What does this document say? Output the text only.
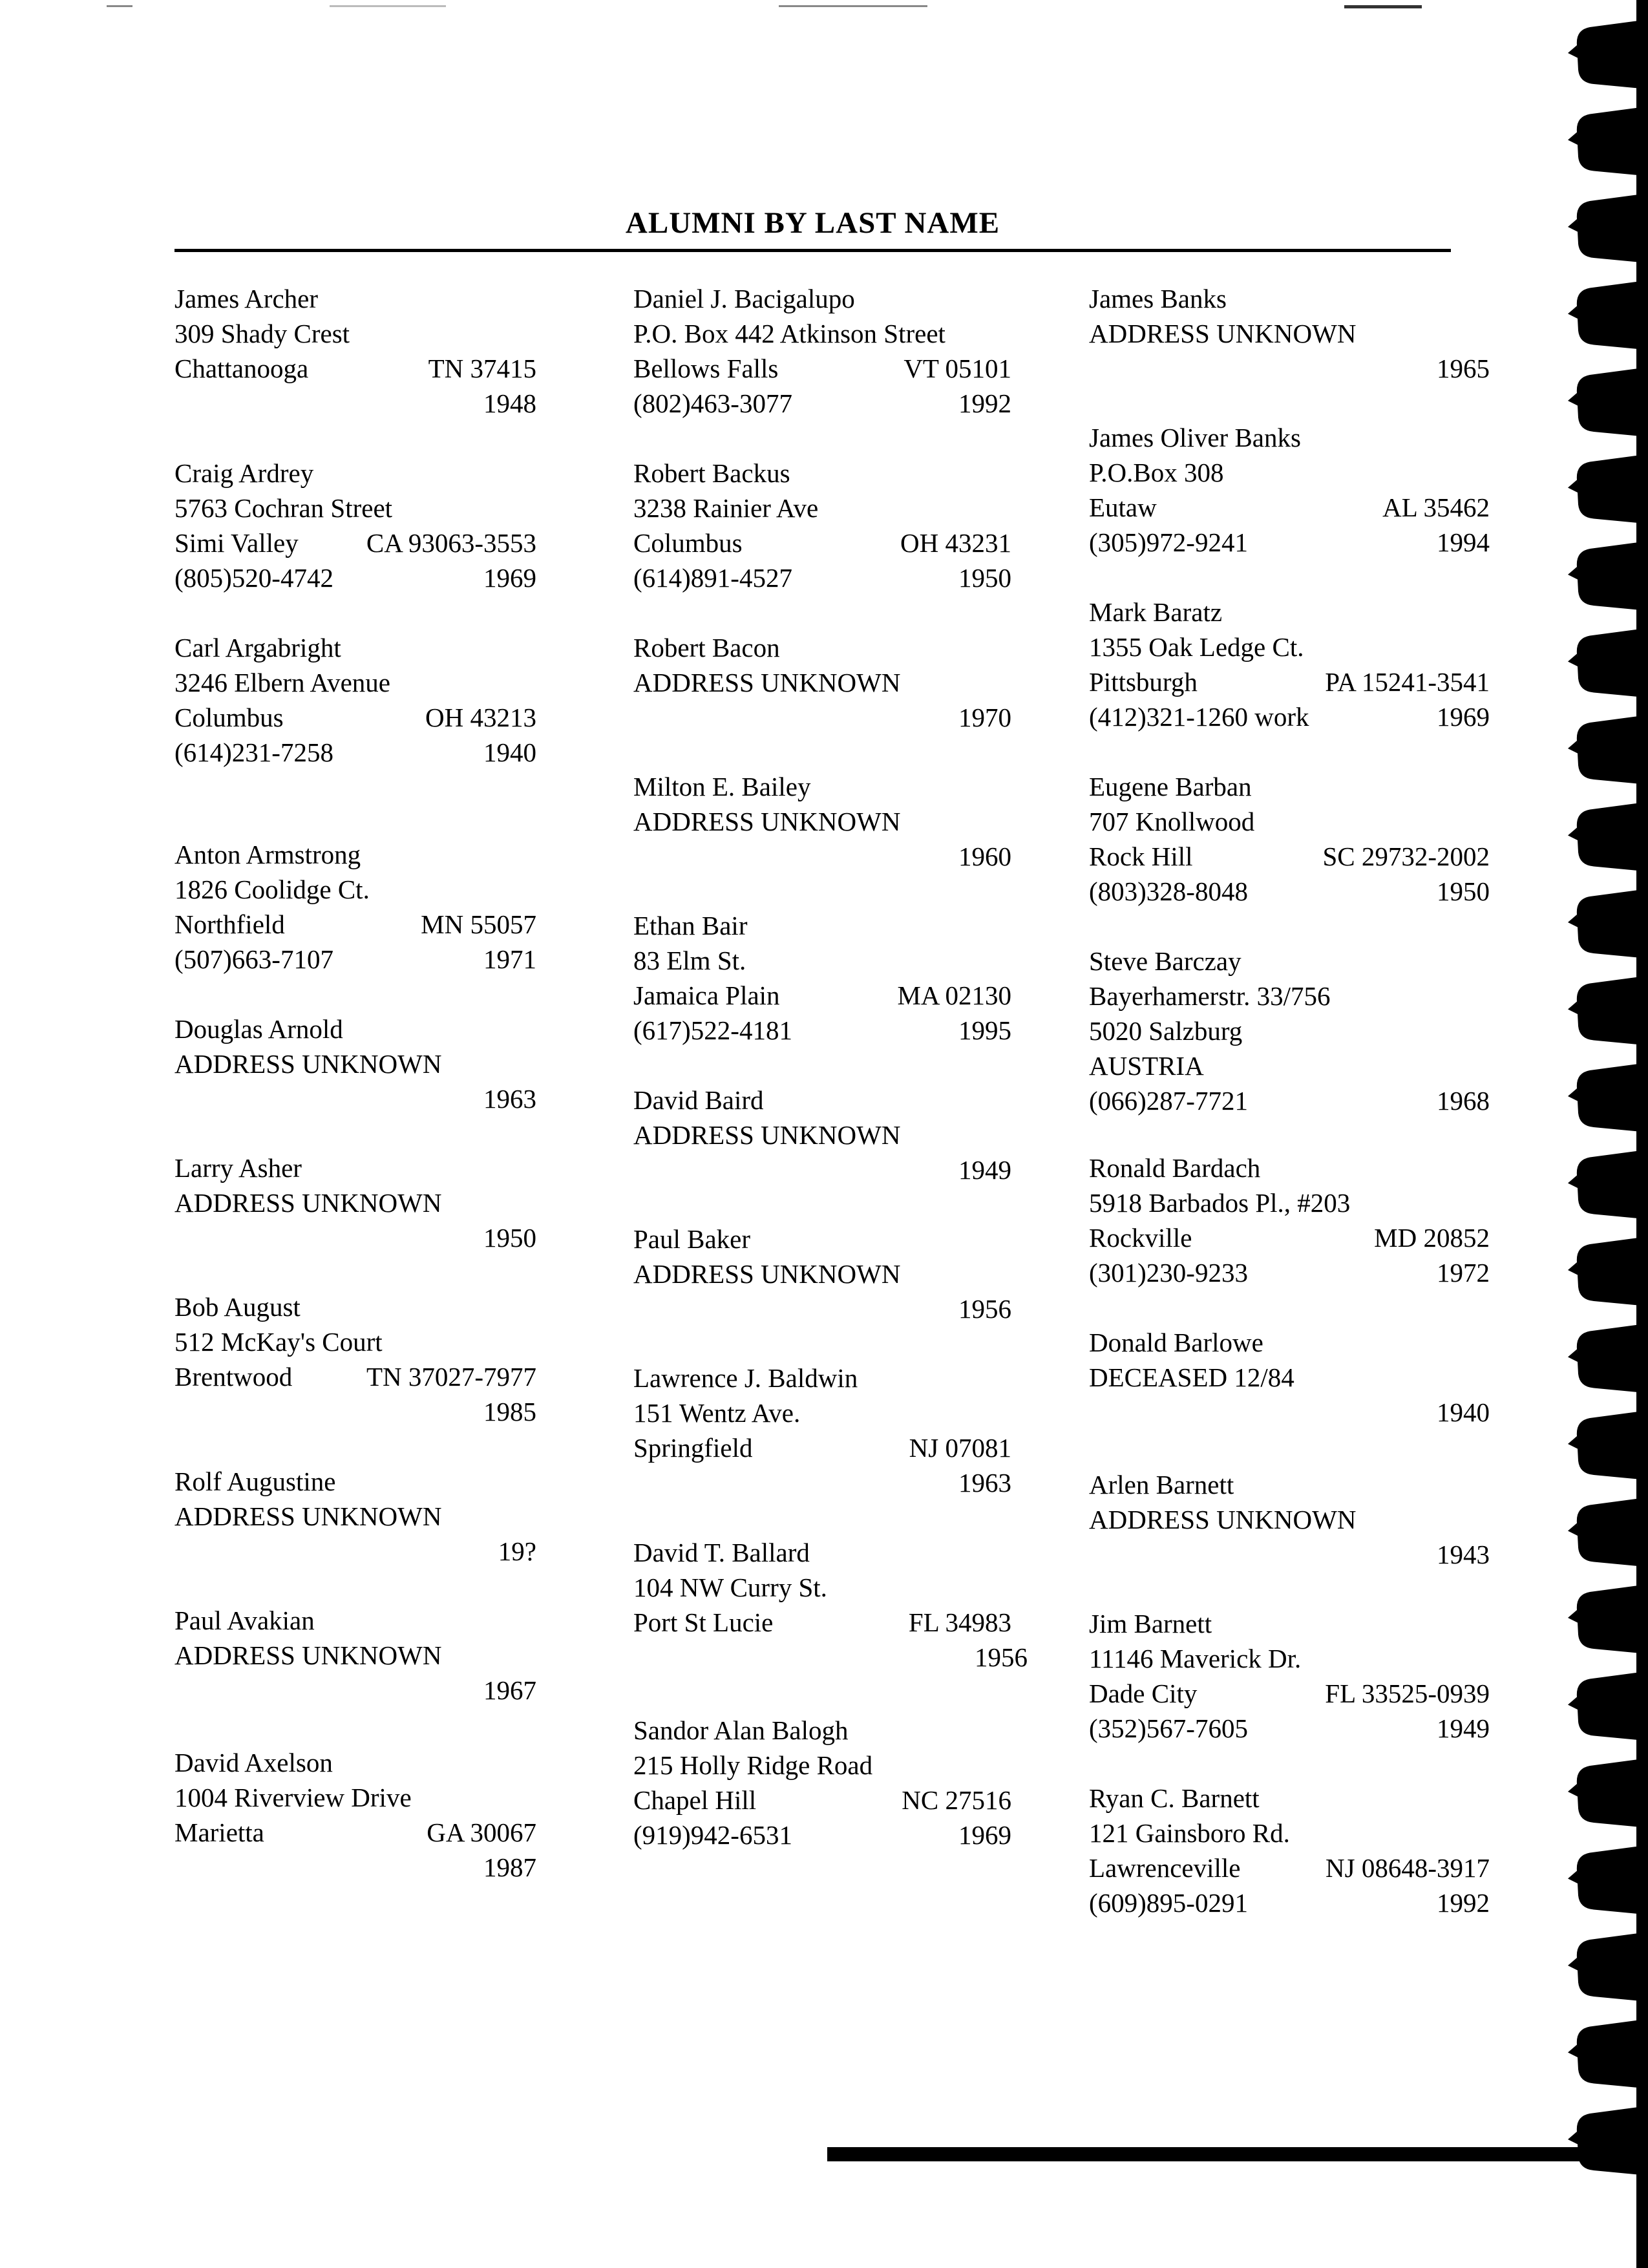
ALUMNI BY LAST NAME
James Archer
309 Shady Crest
Chattanooga	TN 37415
1948
Craig Ardrey
5763 Cochran Street
Simi Valley	CA 93063-3553
(805)520-4742	1969
Carl Argabright
3246 Elbern Avenue
Columbus	OH 43213
(614)231-7258	1940
Anton Armstrong
1826 Coolidge Ct.
Northfield	MN 55057
(507)663-7107	1971
Douglas Arnold
ADDRESS UNKNOWN
1963
Larry Asher
ADDRESS UNKNOWN
1950
Bob August
512 McKay's Court
Brentwood	TN 37027-7977
1985
Rolf Augustine
ADDRESS UNKNOWN
19?
Paul Avakian
ADDRESS UNKNOWN
1967
David Axelson
1004 Riverview Drive
Marietta	GA 30067
1987
Daniel J. Bacigalupo
P.O. Box 442 Atkinson Street
Bellows Falls	VT 05101
(802)463-3077	1992
Robert Backus
3238 Rainier Ave
Columbus	OH 43231
(614)891-4527	1950
Robert Bacon
ADDRESS UNKNOWN
1970
Milton E. Bailey
ADDRESS UNKNOWN
1960
Ethan Bair
83 Elm St.
Jamaica Plain	MA 02130
(617)522-4181	1995
David Baird
ADDRESS UNKNOWN
1949
Paul Baker
ADDRESS UNKNOWN
1956
Lawrence J. Baldwin
151 Wentz Ave.
Springfield	NJ 07081
1963
David T. Ballard
104 NW Curry St.
Port St Lucie	FL 34983
1956
Sandor Alan Balogh
215 Holly Ridge Road
Chapel Hill	NC 27516
(919)942-6531	1969
James Banks
ADDRESS UNKNOWN
1965
James Oliver Banks
P.O.Box 308
Eutaw	AL 35462
(305)972-9241	1994
Mark Baratz
1355 Oak Ledge Ct.
Pittsburgh	PA 15241-3541
(412)321-1260 work	1969
Eugene Barban
707 Knollwood
Rock Hill	SC 29732-2002
(803)328-8048	1950
Steve Barczay
Bayerhamerstr. 33/756
5020 Salzburg
AUSTRIA
(066)287-7721	1968
Ronald Bardach
5918 Barbados Pl., #203
Rockville	MD 20852
(301)230-9233	1972
Donald Barlowe
DECEASED 12/84
1940
Arlen Barnett
ADDRESS UNKNOWN
1943
Jim Barnett
11146 Maverick Dr.
Dade City	FL 33525-0939
(352)567-7605	1949
Ryan C. Barnett
121 Gainsboro Rd.
Lawrenceville	NJ 08648-3917
(609)895-0291	1992
